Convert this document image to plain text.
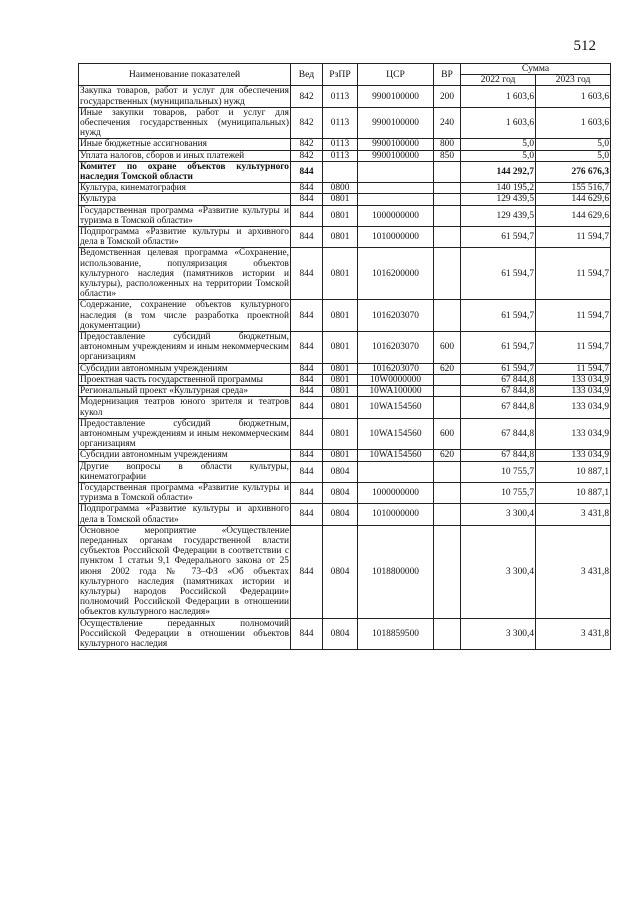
512
Наименование показателей	Вед	РзПР	ЦСР	ВР	Сумма	
					2022 год	2023 год
Закупка товаров, работ и услуг для обеспечения государственных (муниципальных) нужд	842	0113	9900100000	200	1 603,6	1 603,6
Иные закупки товаров, работ и услуг для обеспечения государственных (муниципальных) нужд	842	0113	9900100000	240	1 603,6	1 603,6
Иные бюджетные ассигнования	842	0113	9900100000	800	5,0	5,0
Уплата налогов, сборов и иных платежей	842	0113	9900100000	850	5,0	5,0
Комитет по охране объектов культурного наследия Томской области	844				144 292,7	276 676,3
Культура, кинематография	844	0800			140 195,2	155 516,7
Культура	844	0801			129 439,5	144 629,6
Государственная программа «Развитие культуры и туризма в Томской области»	844	0801	1000000000		129 439,5	144 629,6
Подпрограмма «Развитие культуры и архивного дела в Томской области»	844	0801	1010000000		61 594,7	11 594,7
Ведомственная целевая программа «Сохранение, использование, популяризация объектов культурного наследия (памятников истории и культуры), расположенных на территории Томской области»	844	0801	1016200000		61 594,7	11 594,7
Содержание, сохранение объектов культурного наследия (в том числе разработка проектной документации)	844	0801	1016203070		61 594,7	11 594,7
Предоставление субсидий бюджетным, автономным учреждениям и иным некоммерческим организациям	844	0801	1016203070	600	61 594,7	11 594,7
Субсидии автономным учреждениям	844	0801	1016203070	620	61 594,7	11 594,7
Проектная часть государственной программы	844	0801	10W0000000		67 844,8	133 034,9
Региональный проект «Культурная среда»	844	0801	10WA100000		67 844,8	133 034,9
Модернизация театров юного зрителя и театров кукол	844	0801	10WA154560		67 844,8	133 034,9
Предоставление субсидий бюджетным, автономным учреждениям и иным некоммерческим организациям	844	0801	10WA154560	600	67 844,8	133 034,9
Субсидии автономным учреждениям	844	0801	10WA154560	620	67 844,8	133 034,9
Другие вопросы в области культуры, кинематографии	844	0804			10 755,7	10 887,1
Государственная программа «Развитие культуры и туризма в Томской области»	844	0804	1000000000		10 755,7	10 887,1
Подпрограмма «Развитие культуры и архивного дела в Томской области»	844	0804	1010000000		3 300,4	3 431,8
Основное мероприятие «Осуществление переданных органам государственной власти субъектов Российской Федерации в соответствии с пунктом 1 статьи 9,1 Федерального закона от 25 июня 2002 года № 73–ФЗ «Об объектах культурного наследия (памятниках истории и культуры) народов Российской Федерации» полномочий Российской Федерации в отношении объектов культурного наследия»	844	0804	1018800000		3 300,4	3 431,8
Осуществление переданных полномочий Российской Федерации в отношении объектов культурного наследия	844	0804	1018859500		3 300,4	3 431,8
